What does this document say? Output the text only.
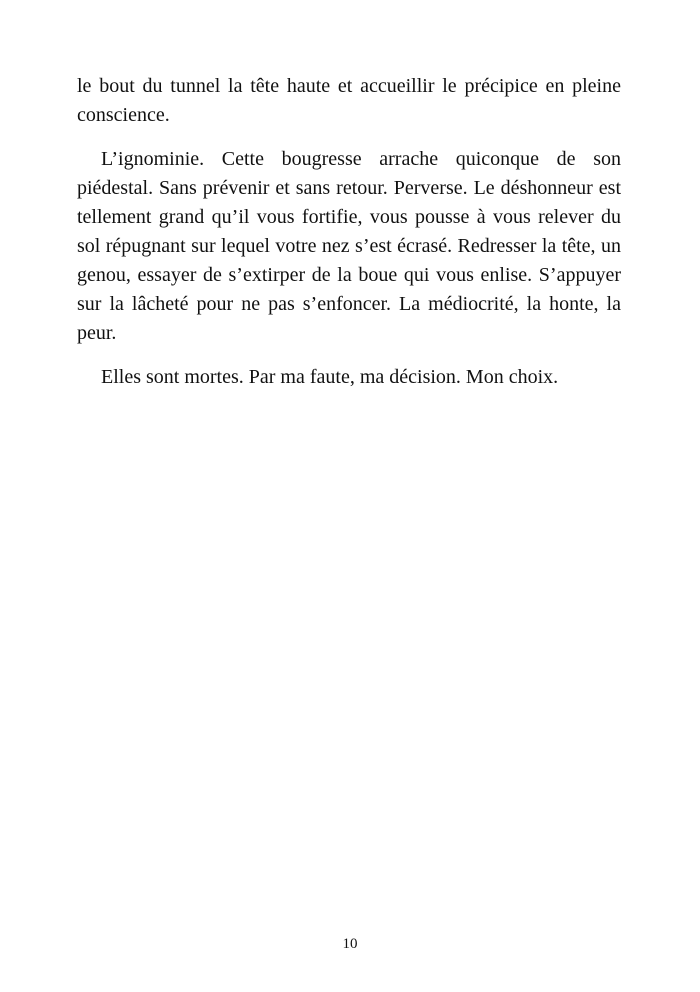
le bout du tunnel la tête haute et accueillir le précipice en pleine conscience.

L’ignominie. Cette bougresse arrache quiconque de son piédestal. Sans prévenir et sans retour. Perverse. Le déshonneur est tellement grand qu’il vous fortifie, vous pousse à vous relever du sol répugnant sur lequel votre nez s’est écrasé. Redresser la tête, un genou, essayer de s’extirper de la boue qui vous enlise. S’appuyer sur la lâcheté pour ne pas s’enfoncer. La médiocrité, la honte, la peur.

Elles sont mortes. Par ma faute, ma décision. Mon choix.

10
